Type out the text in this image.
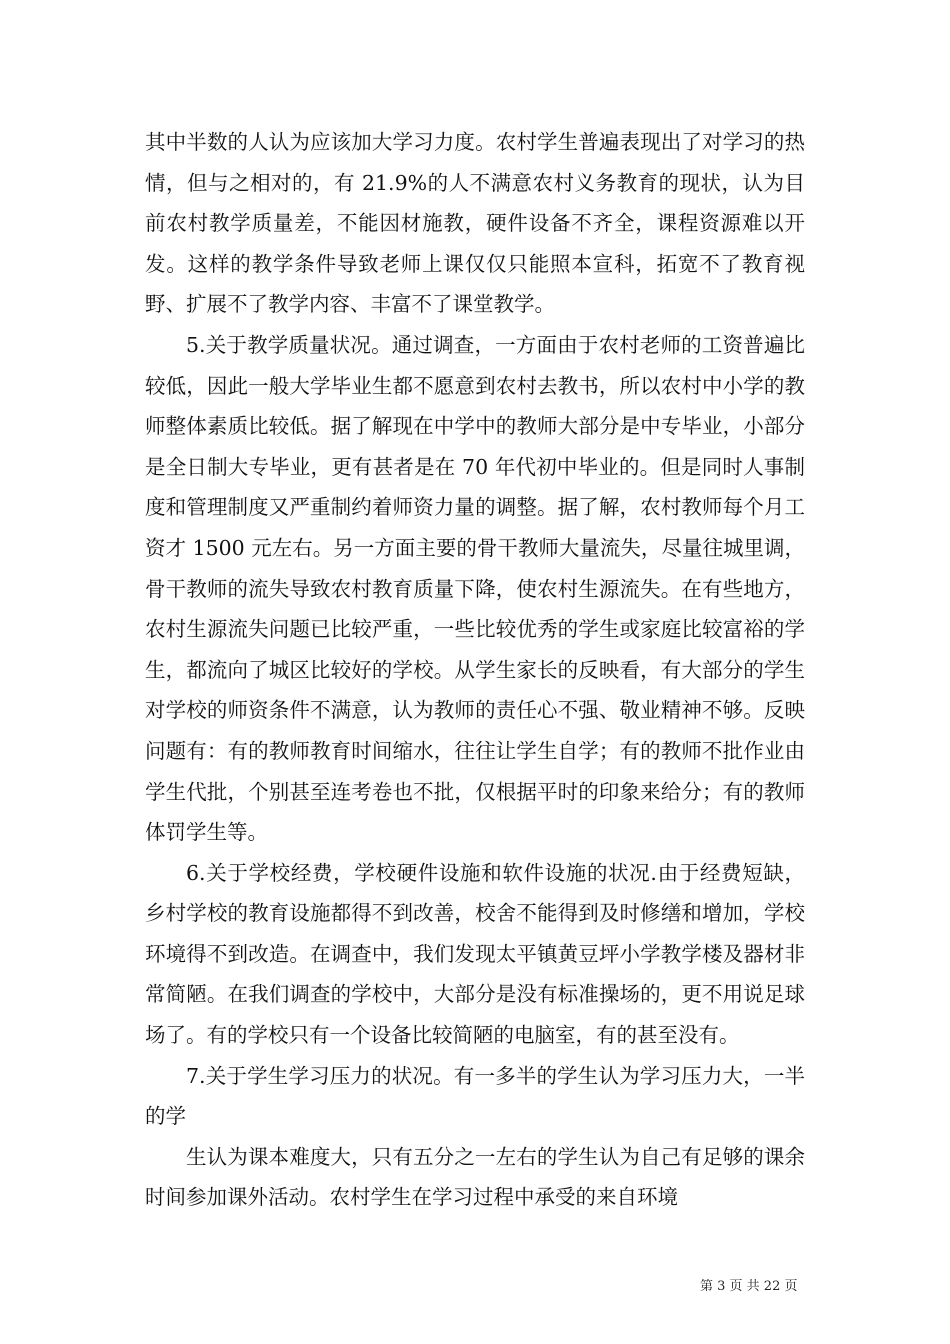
其中半数的人认为应该加大学习力度。农村学生普遍表现出了对学习的热情，但与之相对的，有 21.9%的人不满意农村义务教育的现状，认为目前农村教学质量差，不能因材施教，硬件设备不齐全，课程资源难以开发。这样的教学条件导致老师上课仅仅只能照本宣科，拓宽不了教育视野、扩展不了教学内容、丰富不了课堂教学。

5.关于教学质量状况。通过调查，一方面由于农村老师的工资普遍比较低，因此一般大学毕业生都不愿意到农村去教书，所以农村中小学的教师整体素质比较低。据了解现在中学中的教师大部分是中专毕业，小部分是全日制大专毕业，更有甚者是在 70 年代初中毕业的。但是同时人事制度和管理制度又严重制约着师资力量的调整。据了解，农村教师每个月工资才 1500 元左右。另一方面主要的骨干教师大量流失，尽量往城里调，骨干教师的流失导致农村教育质量下降，使农村生源流失。在有些地方，农村生源流失问题已比较严重，一些比较优秀的学生或家庭比较富裕的学生，都流向了城区比较好的学校。从学生家长的反映看，有大部分的学生对学校的师资条件不满意，认为教师的责任心不强、敬业精神不够。反映问题有：有的教师教育时间缩水，往往让学生自学；有的教师不批作业由学生代批，个别甚至连考卷也不批，仅根据平时的印象来给分；有的教师体罚学生等。

6.关于学校经费，学校硬件设施和软件设施的状况.由于经费短缺，乡村学校的教育设施都得不到改善，校舍不能得到及时修缮和增加，学校环境得不到改造。在调查中，我们发现太平镇黄豆坪小学教学楼及器材非常简陋。在我们调查的学校中，大部分是没有标准操场的，更不用说足球场了。有的学校只有一个设备比较简陋的电脑室，有的甚至没有。

7.关于学生学习压力的状况。有一多半的学生认为学习压力大，一半的学

生认为课本难度大，只有五分之一左右的学生认为自己有足够的课余时间参加课外活动。农村学生在学习过程中承受的来自环境

第 3 页 共 22 页
